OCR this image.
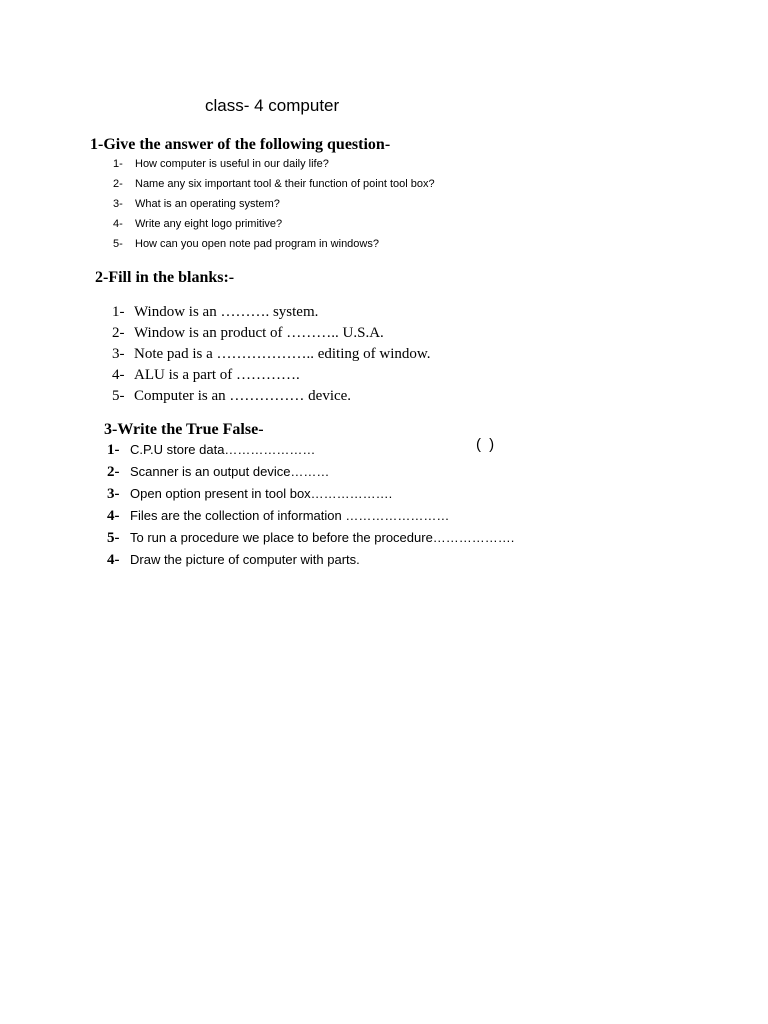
class- 4 computer
1-Give the answer of the following question-
1- How computer is useful in our daily life?
2- Name any six important tool & their function of point tool box?
3- What is an operating system?
4- Write any eight logo primitive?
5- How can you open note pad program in windows?
2-Fill in the blanks:-
1- Window is an ………. system.
2- Window is an product of ……….. U.S.A.
3- Note pad is a ……………….. editing of window.
4- ALU is a part of ………….
5- Computer is an …………… device.
3-Write the True False-
( )
1- C.P.U store data…………………
2- Scanner is an output device………
3- Open option present in tool box……………….
4- Files are the collection of information ……………………
5- To run a procedure we place to before the procedure……………….
4- Draw the picture of computer with parts.
